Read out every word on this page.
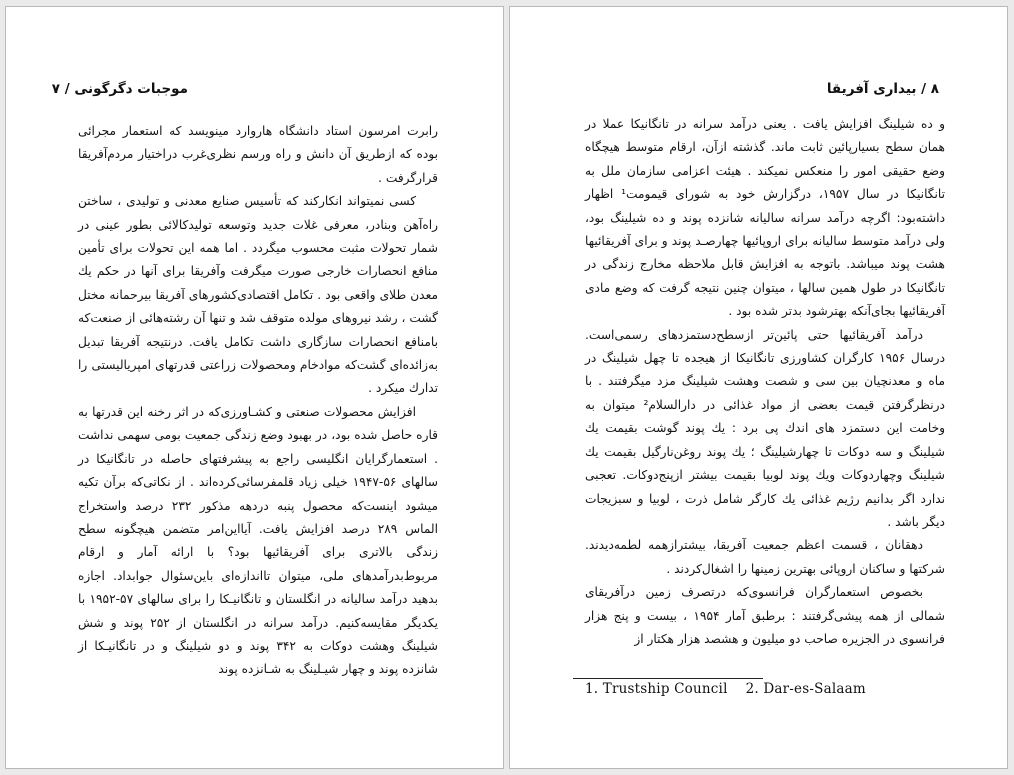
موجبات دگرگونی / ۷

رابرت امرسون استاد دانشگاه هاروارد مینویسد که استعمار مجرائی بوده که ازطریق آن دانش و راه ورسم نظری‌غرب دراختیار مردم‌آفریقا قرارگرفت .

کسی نمیتواند انکارکند که تأسیس صنایع معدنی و تولیدی ، ساختن راه‌آهن وبنادر، معرفی غلات جدید وتوسعه تولیدکالائی بطور عینی در شمار تحولات مثبت محسوب میگردد . اما همه این تحولات برای تأمین منافع انحصارات خارجی صورت میگرفت وآفریقا برای آنها در حکم یك معدن طلای واقعی بود . تکامل اقتصادی‌کشورهای آفریقا بیرحمانه مختل گشت ، رشد نیروهای مولده متوقف شد و تنها آن رشته‌هائی از صنعت‌که بامنافع انحصارات سازگاری داشت تکامل یافت. درنتیجه آفریقا تبدیل به‌زائده‌ای گشت‌که مواد‌خام ومحصولات زراعتی قدرتهای امپریالیستی را تدارك میکرد .

افزایش محصولات صنعتی و کشـاورزی‌که در اثر رخنه این قدرتها به قاره حاصل شده بود، در بهبود وضع زندگی جمعیت بومی سهمی نداشت . استعمارگرایان انگلیسی راجع به پیشرفتهای حاصله در تانگانیکا در سالهای ۵۶-۱۹۴۷ خیلی زیاد قلمفرسائی‌کرده‌اند . از نکاتی‌که برآن تکیه میشود اینست‌که محصول پنبه دردهه مذکور ۲۳۲ درصد واستخراج الماس ۲۸۹ درصد افزایش یافت. آیااین‌امر متضمن هیچگونه سطح زندگی بالاتری برای آفریقائیها بود؟ با ارائه آمار و ارقام مربوط‌بدرآمدهای ملی، میتوان تااندازه‌ای باین‌سئوال جوابداد. اجازه بدهید درآمد سالیانه در انگلستان و تانگانیـکا را برای سالهای ۵۷-۱۹۵۲ با یکدیگر مقایسه‌کنیم. درآمد سرانه در انگلستان از ۲۵۲ پوند و شش شیلینگ وهشت دوکات به ۳۴۲ پوند و دو شیلینگ و در تانگانیـکا از شانزده پوند و چهار شیـلینگ به شـانزده پوند

۸ / بیداری آفریقا

و ده شیلینگ افزایش یافت . یعنی درآمد سرانه در تانگانیکا عملا در همان سطح بسیارپائین ثابت ماند. گذشته ازآن، ارقام متوسط هیچگاه وضع حقیقی امور را منعکس نمیکند . هیئت اعزامی سازمان ملل به تانگانیکا در سال ۱۹۵۷، درگزارش خود به شورای قیمومت¹ اظهار داشته‌بود: اگرچه درآمد سرانه سالیانه شانزده پوند و ده شیلینگ بود، ولی درآمد متوسط سالیانه برای اروپائیها چهارصـد پوند و برای آفریقائیها هشت پوند میباشد. باتوجه به افزایش قابل ملاحظه مخارج زندگی در تانگانیکا در طول همین سالها ، میتوان چنین نتیجه گرفت که وضع مادی آفریقائیها بجای‌آنکه بهترشود بدتر شده بود .

درآمد آفریقائیها حتی پائین‌تر ازسطح‌دستمزدهای رسمی‌است. درسال ۱۹۵۶ کارگران کشاورزی تانگانیکا از هیجده تا چهل شیلینگ در ماه و معدنچیان بین سی و شصت وهشت شیلینگ مزد میگرفتند . با درنظرگرفتن قیمت بعضی از مواد غذائی در دارالسلام² میتوان به وخامت این دستمزد های اندك پی برد : یك پوند گوشت بقیمت یك شیلینگ و سه دوکات تا چهارشیلینگ ؛ یك پوند روغن‌نارگیل بقیمت یك شیلینگ وچهاردوکات ویك پوند لوبیا بقیمت بیشتر ازپنج‌دوکات. تعجبی ندارد اگر بدانیم رژیم غذائی یك کارگر شامل ذرت ، لوبیا و سبزیجات دیگر باشد .

دهقانان ، قسمت اعظم جمعیت آفریقا، بیشترازهمه لطمه‌دیدند. شرکتها و ساکنان اروپائی بهترین زمینها را اشغال‌کردند .

بخصوص استعمارگران فرانسوی‌که درتصرف زمین درآفریقای شمالی از همه پیشی‌گرفتند : برطبق آمار ۱۹۵۴ ، بیست و پنج هزار فرانسوی در الجزیره صاحب دو میلیون و هشصد هزار هکتار از

1. Trustship Council 2. Dar-es-Salaam
